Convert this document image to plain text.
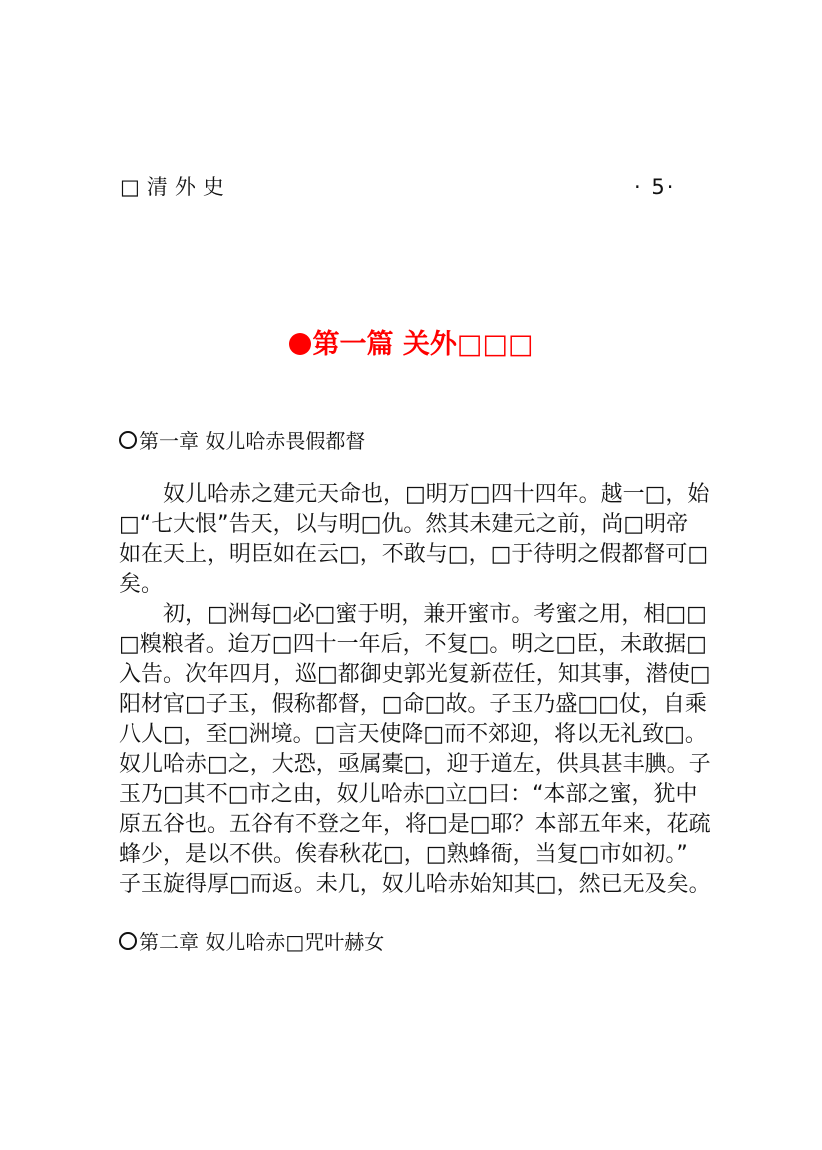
□清外史	· 5·
第一篇 关外□□□
第一章 奴儿哈赤畏假都督
奴儿哈赤之建元天命也，□明万□四十四年。越一□，始
□“七大恨”告天，以与明□仇。然其未建元之前，尚□明帝
如在天上，明臣如在云□，不敢与□，□于待明之假都督可□
矣。
初，□洲每□必□蜜于明，兼开蜜市。考蜜之用，相□□
□糗粮者。迨万□四十一年后，不复□。明之□臣，未敢据□
入告。次年四月，巡□都御史郭光复新莅任，知其事，潜使□
阳材官□子玉，假称都督，□命□故。子玉乃盛□□仗，自乘
八人□，至□洲境。□言天使降□而不郊迎，将以无礼致□。
奴儿哈赤□之，大恐，亟属橐□，迎于道左，供具甚丰腆。子
玉乃□其不□市之由，奴儿哈赤□立□曰：“本部之蜜，犹中
原五谷也。五谷有不登之年，将□是□耶？本部五年来，花疏
蜂少，是以不供。俟春秋花□，□熟蜂衙，当复□市如初。”
子玉旋得厚□而返。未几，奴儿哈赤始知其□，然已无及矣。
第二章 奴儿哈赤□咒叶赫女
